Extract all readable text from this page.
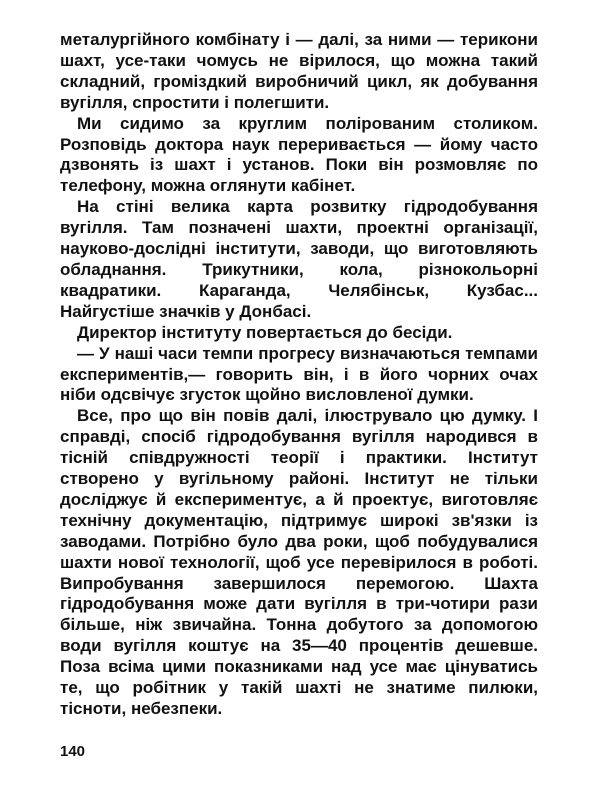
металургійного комбінату і — далі, за ними — терикони шахт, усе-таки чомусь не вірилося, що можна такий складний, громіздкий виробничий цикл, як добування вугілля, спростити і полегшити.

Ми сидимо за круглим полірованим столиком. Розповідь доктора наук переривається — йому часто дзвонять із шахт і установ. Поки він розмовляє по телефону, можна оглянути кабінет.

На стіні велика карта розвитку гідродобування вугілля. Там позначені шахти, проектні організації, науково-дослідні інститути, заводи, що виготовляють обладнання. Трикутники, кола, різнокольорні квадратики. Караганда, Челябінськ, Кузбас... Найгустіше значків у Донбасі.

Директор інституту повертається до бесіди.

— У наші часи темпи прогресу визначаються темпами експериментів,— говорить він, і в його чорних очах ніби одсвічує згусток щойно висловленої думки.

Все, про що він повів далі, ілюструвало цю думку. І справді, спосіб гідродобування вугілля народився в тісній співдружності теорії і практики. Інститут створено у вугільному районі. Інститут не тільки досліджує й експериментує, а й проектує, виготовляє технічну документацію, підтримує широкі зв'язки із заводами. Потрібно було два роки, щоб побудувалися шахти нової технології, щоб усе перевірилося в роботі. Випробування завершилося перемогою. Шахта гідродобування може дати вугілля в три-чотири рази більше, ніж звичайна. Тонна добутого за допомогою води вугілля коштує на 35—40 процентів дешевше. Поза всіма цими показниками над усе має цінуватись те, що робітник у такій шахті не знатиме пилюки, тісноти, небезпеки.

140
